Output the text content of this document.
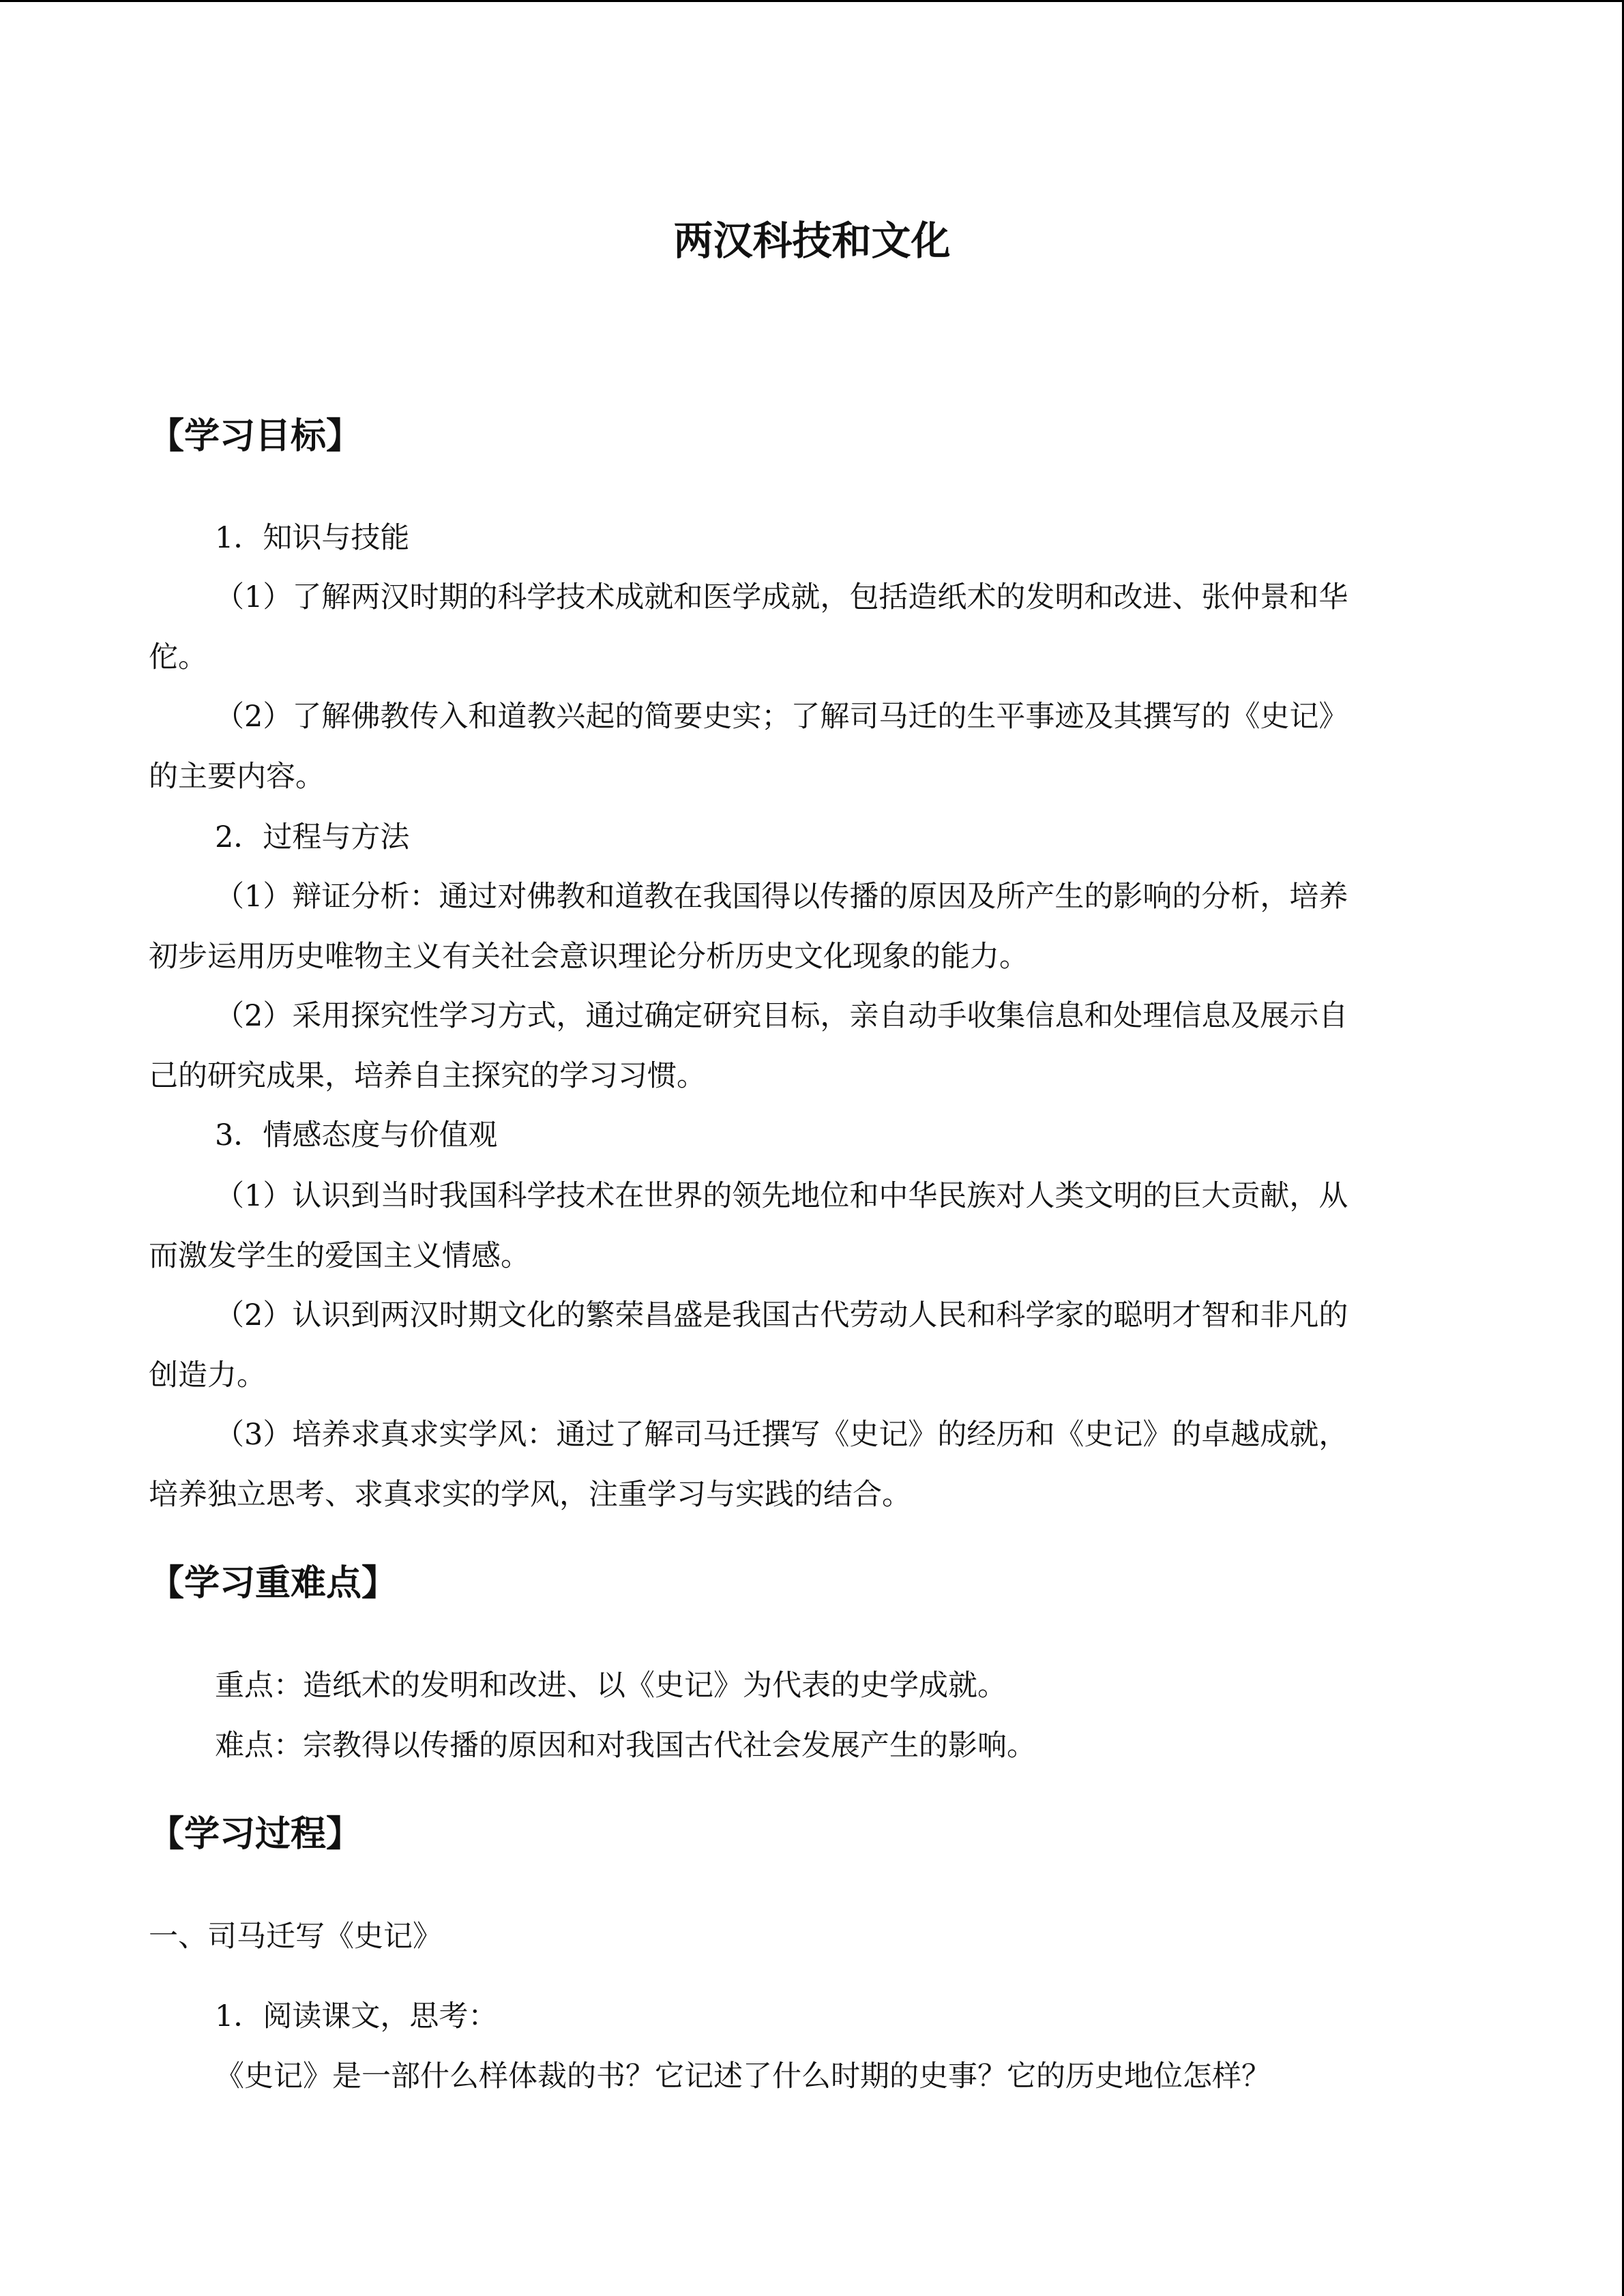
两汉科技和文化
【学习目标】

1．知识与技能

（1）了解两汉时期的科学技术成就和医学成就，包括造纸术的发明和改进、张仲景和华

佗。

（2）了解佛教传入和道教兴起的简要史实；了解司马迁的生平事迹及其撰写的《史记》

的主要内容。

2．过程与方法

（1）辩证分析：通过对佛教和道教在我国得以传播的原因及所产生的影响的分析，培养

初步运用历史唯物主义有关社会意识理论分析历史文化现象的能力。

（2）采用探究性学习方式，通过确定研究目标，亲自动手收集信息和处理信息及展示自

己的研究成果，培养自主探究的学习习惯。

3．情感态度与价值观

（1）认识到当时我国科学技术在世界的领先地位和中华民族对人类文明的巨大贡献，从

而激发学生的爱国主义情感。

（2）认识到两汉时期文化的繁荣昌盛是我国古代劳动人民和科学家的聪明才智和非凡的

创造力。

（3）培养求真求实学风：通过了解司马迁撰写《史记》的经历和《史记》的卓越成就，

培养独立思考、求真求实的学风，注重学习与实践的结合。

【学习重难点】

重点：造纸术的发明和改进、以《史记》为代表的史学成就。

难点：宗教得以传播的原因和对我国古代社会发展产生的影响。

【学习过程】

一、司马迁写《史记》

1．阅读课文，思考：

《史记》是一部什么样体裁的书？它记述了什么时期的史事？它的历史地位怎样？
